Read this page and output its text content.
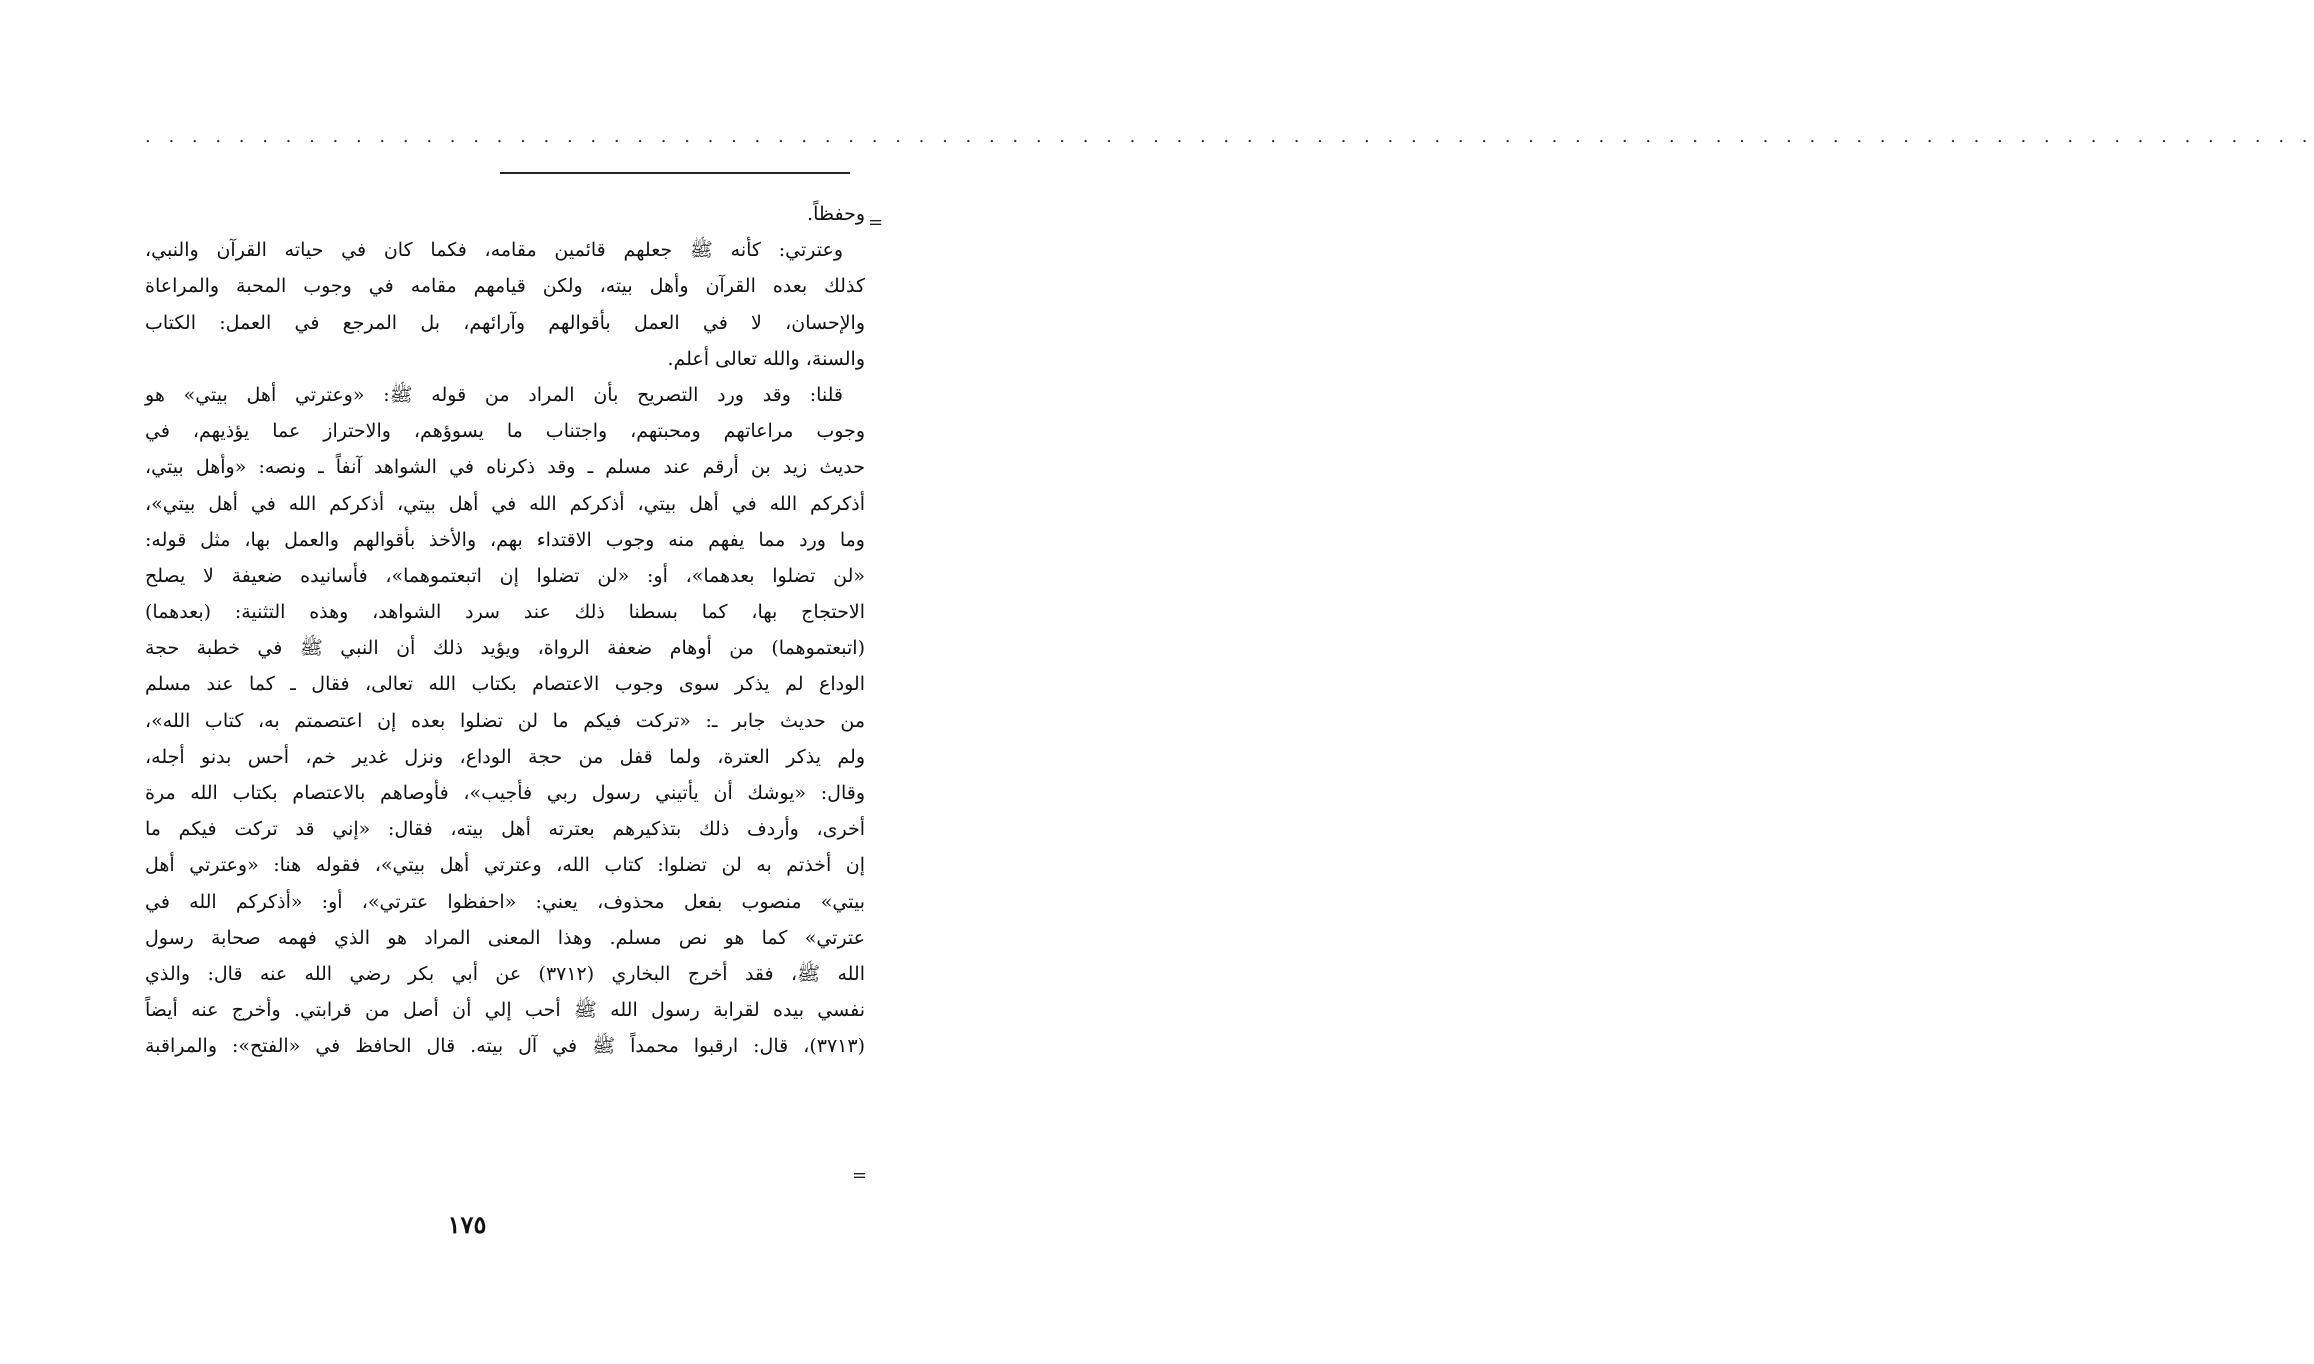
. . . . . . . . . . . . . . . . . . . . . . . . . . . . . . . . . . . . . . . . . . . . . . . . . . . . . . . . . . . . . . . . . . . . . . . . . . . . . . . . . . . . . . . . . . . . .
=
وحفظاً.
وعترتي: كأنه ﷺ جعلهم قائمين مقامه، فكما كان في حياته القرآن والنبي،
كذلك بعده القرآن وأهل بيته، ولكن قيامهم مقامه في وجوب المحبة والمراعاة
والإحسان، لا في العمل بأقوالهم وآرائهم، بل المرجع في العمل: الكتاب
والسنة، والله تعالى أعلم.
قلنا: وقد ورد التصريح بأن المراد من قوله ﷺ: «وعترتي أهل بيتي» هو
وجوب مراعاتهم ومحبتهم، واجتناب ما يسوؤهم، والاحتراز عما يؤذيهم، في
حديث زيد بن أرقم عند مسلم ـ وقد ذكرناه في الشواهد آنفاً ـ ونصه: «وأهل بيتي،
أذكركم الله في أهل بيتي، أذكركم الله في أهل بيتي، أذكركم الله في أهل بيتي»،
وما ورد مما يفهم منه وجوب الاقتداء بهم، والأخذ بأقوالهم والعمل بها، مثل قوله:
«لن تضلوا بعدهما»، أو: «لن تضلوا إن اتبعتموهما»، فأسانيده ضعيفة لا يصلح
الاحتجاج بها، كما بسطنا ذلك عند سرد الشواهد، وهذه التثنية: (بعدهما)
(اتبعتموهما) من أوهام ضعفة الرواة، ويؤيد ذلك أن النبي ﷺ في خطبة حجة
الوداع لم يذكر سوى وجوب الاعتصام بكتاب الله تعالى، فقال ـ كما عند مسلم
من حديث جابر ـ: «تركت فيكم ما لن تضلوا بعده إن اعتصمتم به، كتاب الله»،
ولم يذكر العترة، ولما قفل من حجة الوداع، ونزل غدير خم، أحس بدنو أجله،
وقال: «يوشك أن يأتيني رسول ربي فأجيب»، فأوصاهم بالاعتصام بكتاب الله مرة
أخرى، وأردف ذلك بتذكيرهم بعترته أهل بيته، فقال: «إني قد تركت فيكم ما
إن أخذتم به لن تضلوا: كتاب الله، وعترتي أهل بيتي»، فقوله هنا: «وعترتي أهل
بيتي» منصوب بفعل محذوف، يعني: «احفظوا عترتي»، أو: «أذكركم الله في
عترتي» كما هو نص مسلم. وهذا المعنى المراد هو الذي فهمه صحابة رسول
الله ﷺ، فقد أخرج البخاري (٣٧١٢) عن أبي بكر رضي الله عنه قال: والذي
نفسي بيده لقرابة رسول الله ﷺ أحب إلي أن أصل من قرابتي. وأخرج عنه أيضاً
(٣٧١٣)، قال: ارقبوا محمداً ﷺ في آل بيته. قال الحافظ في «الفتح»: والمراقبة
=
١٧٥
